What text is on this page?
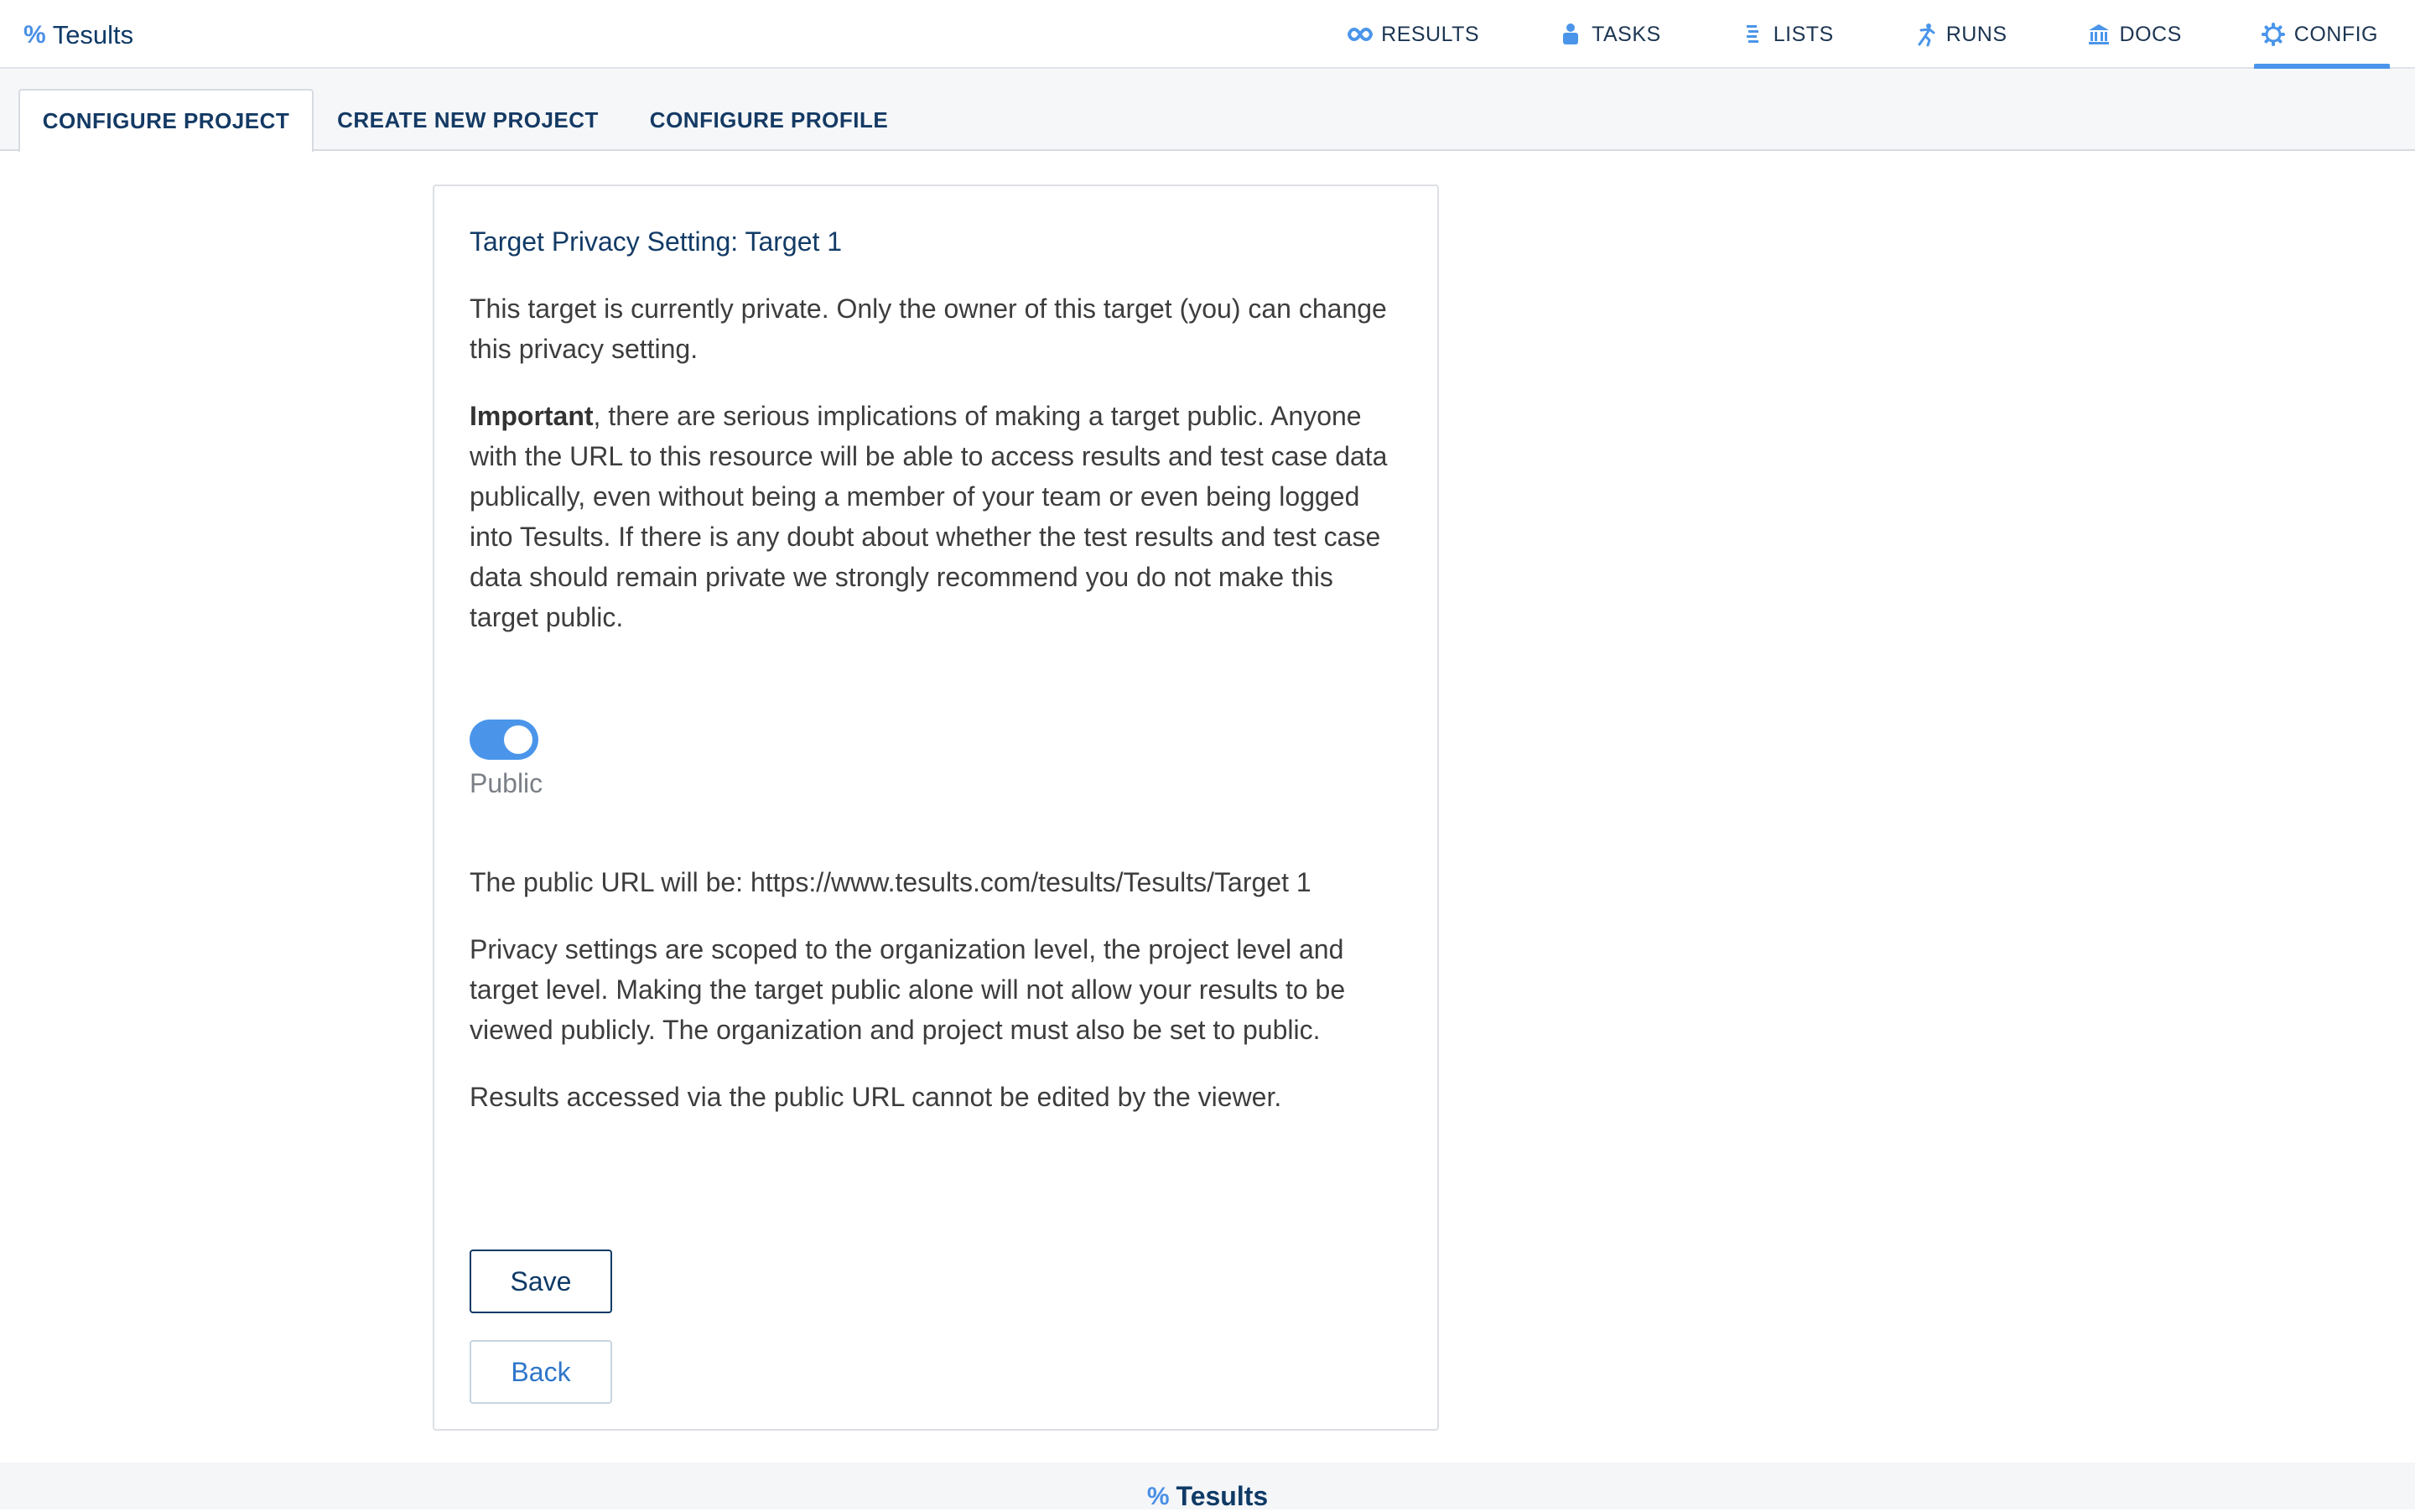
% Tesults	RESULTS	TASKS	LISTS	RUNS	DOCS	CONFIG
CONFIGURE PROJECT CREATE NEW PROJECT CONFIGURE PROFILE
Target Privacy Setting: Target 1

This target is currently private. Only the owner of this target (you) can change this privacy setting.

Important, there are serious implications of making a target public. Anyone with the URL to this resource will be able to access results and test case data publically, even without being a member of your team or even being logged into Tesults. If there is any doubt about whether the test results and test case data should remain private we strongly recommend you do not make this target public.

Public

The public URL will be: https://www.tesults.com/tesults/Tesults/Target 1

Privacy settings are scoped to the organization level, the project level and target level. Making the target public alone will not allow your results to be viewed publicly. The organization and project must also be set to public.

Results accessed via the public URL cannot be edited by the viewer.

Save
Back
% Tesults
